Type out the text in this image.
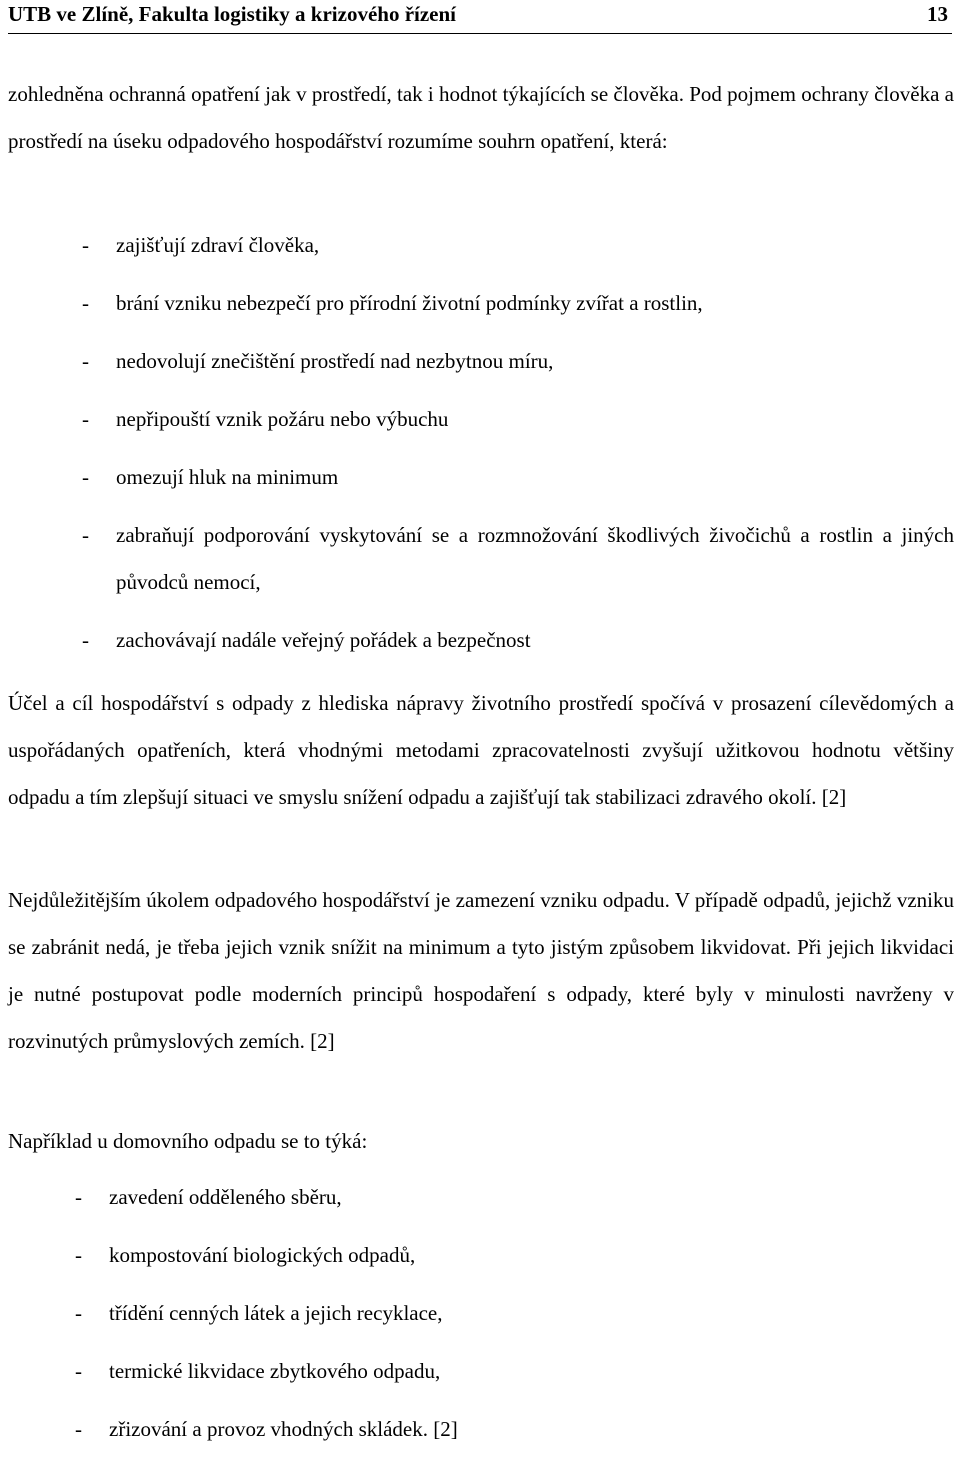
UTB ve Zlíně, Fakulta logistiky a krizového řízení	13

zohledněna ochranná opatření jak v prostředí, tak i hodnot týkajících se člověka. Pod pojmem ochrany člověka a prostředí na úseku odpadového hospodářství rozumíme souhrn opatření, která:

- zajišťují zdraví člověka,
- brání vzniku nebezpečí pro přírodní životní podmínky zvířat a rostlin,
- nedovolují znečištění prostředí nad nezbytnou míru,
- nepřipouští vznik požáru nebo výbuchu
- omezují hluk na minimum
- zabraňují podporování vyskytování se a rozmnožování škodlivých živočichů a rostlin a jiných původců nemocí,
- zachovávají nadále veřejný pořádek a bezpečnost

Účel a cíl hospodářství s odpady z hlediska nápravy životního prostředí spočívá v prosazení cílevědomých a uspořádaných opatřeních, která vhodnými metodami zpracovatelnosti zvyšují užitkovou hodnotu většiny odpadu a tím zlepšují situaci ve smyslu snížení odpadu a zajišťují tak stabilizaci zdravého okolí. [2]

Nejdůležitějším úkolem odpadového hospodářství je zamezení vzniku odpadu. V případě odpadů, jejichž vzniku se zabránit nedá, je třeba jejich vznik snížit na minimum a tyto jistým způsobem likvidovat. Při jejich likvidaci je nutné postupovat podle moderních principů hospodaření s odpady, které byly v minulosti navrženy v rozvinutých průmyslových zemích. [2]

Například u domovního odpadu se to týká:

- zavedení odděleného sběru,
- kompostování biologických odpadů,
- třídění cenných látek a jejich recyklace,
- termické likvidace zbytkového odpadu,
- zřizování a provoz vhodných skládek. [2]
